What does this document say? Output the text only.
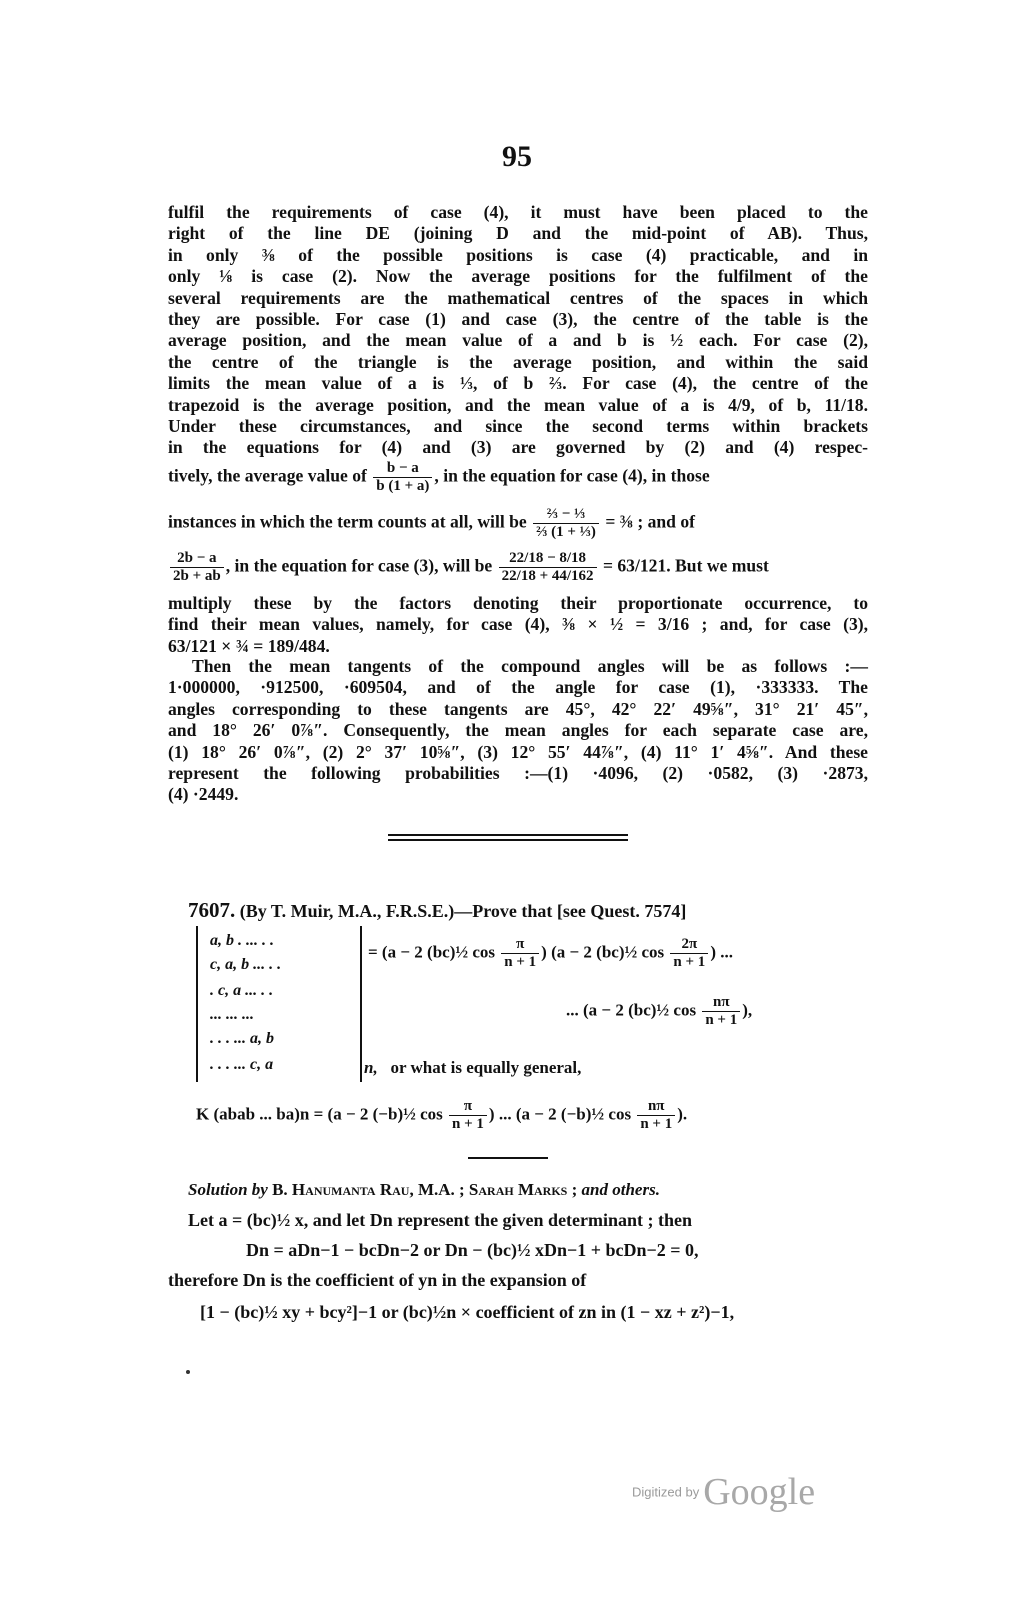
95
fulfil the requirements of case (4), it must have been placed to the
right of the line DE (joining D and the mid-point of AB). Thus,
in only ⅜ of the possible positions is case (4) practicable, and in
only ⅛ is case (2). Now the average positions for the fulfilment of the
several requirements are the mathematical centres of the spaces in which
they are possible. For case (1) and case (3), the centre of the table is the
average position, and the mean value of a and b is ½ each. For case (2),
the centre of the triangle is the average position, and within the said
limits the mean value of a is ⅓, of b ⅔. For case (4), the centre of the
trapezoid is the average position, and the mean value of a is 4/9, of b, 11/18.
Under these circumstances, and since the second terms within brackets
in the equations for (4) and (3) are governed by (2) and (4) respec-
tively, the average value of $\frac{b - a}{b (1 + a)}$ , in the equation for case (4), in those
instances in which the term counts at all, will be $\frac{\text{⅔ − ⅓}}{\text{⅔ (1 + ⅓)}}$ = ⅜ ; and of
$\frac{2b - a}{2b + ab}$ , in the equation for case (3), will be $\frac{22/18 - 8/18}{22/18 + 44/162} = 63/121$. But we must
multiply these by the factors denoting their proportionate occurrence, to
find their mean values, namely, for case (4), ⅜ × ½ = 3/16 ; and, for case (3),
63/121 × ¾ = 189/484.
Then the mean tangents of the compound angles will be as follows :—
1·000000, ·912500, ·609504, and of the angle for case (1), ·333333. The
angles corresponding to these tangents are 45°, 42° 22′ 49⅝″, 31° 21′ 45″,
and 18° 26′ 0⅞″. Consequently, the mean angles for each separate case are,
(1) 18° 26′ 0⅞″, (2) 2° 37′ 10⅝″, (3) 12° 55′ 44⅞″, (4) 11° 1′ 4⅝″. And these
represent the following probabilities :—(1) ·4096, (2) ·0582, (3) ·2873,
(4) ·2449.
7607. (By T. Muir, M.A., F.R.S.E.)—Prove that [see Quest. 7574]
a, b . ... . .
c, a, b ... . .
. c, a ... . .
... ... ...
. . . ... a, b
. . . ... c, a
= (a − 2 (bc)½ $\cos \frac{\pi}{n + 1}$ ) (a − 2 (bc)½ $\cos \frac{2\pi}{n + 1}$ ) ...
... (a − 2 (bc)½ $\cos \frac{n\pi}{n + 1}$ ),
n, or what is equally general,
K (abab ... ba)n = (a − 2 (−b)½ $\cos \frac{\pi}{n + 1}$ ) ... (a − 2 (−b)½ $\cos \frac{n\pi}{n + 1}$ ).
Solution by B. Hanumanta Rau, M.A. ; Sarah Marks ; and others.
Let a = (bc)½ x, and let Dn represent the given determinant ; then
Dn = aDn−1 − bcDn−2 or Dn − (bc)½ xDn−1 + bcDn−2 = 0,
therefore Dn is the coefficient of yn in the expansion of
[1 − (bc)½ xy + bcy²]−1 or (bc)½n × coefficient of zn in (1 − xz + z²)−1,
Digitized by Google
